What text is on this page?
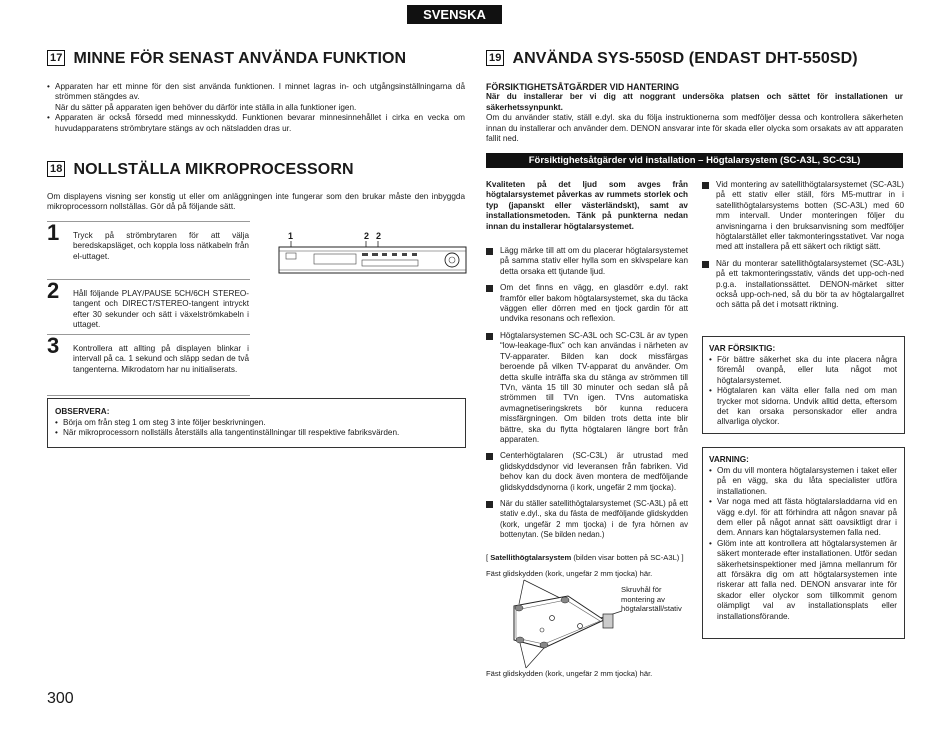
SVENSKA
17 MINNE FÖR SENAST ANVÄNDA FUNKTION
• Apparaten har ett minne för den sist använda funktionen. I minnet lagras in- och utgångsinställningarna då strömmen stängdes av.
När du sätter på apparaten igen behöver du därför inte ställa in alla funktioner igen.
• Apparaten är också försedd med minnesskydd. Funktionen bevarar minnesinnehållet i cirka en vecka om huvudapparatens strömbrytare stängs av och nätsladden dras ur.
18 NOLLSTÄLLA MIKROPROCESSORN
Om displayens visning ser konstig ut eller om anläggningen inte fungerar som den brukar måste den inbyggda mikroprocessorn nollställas. Gör då på följande sätt.
1 Tryck på strömbrytaren för att välja beredskapsläget, och koppla loss nätkabeln från el-uttaget.
2 Håll följande PLAY/PAUSE 5CH/6CH STEREO-tangent och DIRECT/STEREO-tangent intryckt efter 30 sekunder och sätt i växelströmkabeln i uttaget.
3 Kontrollera att allting på displayen blinkar i intervall på ca. 1 sekund och släpp sedan de två tangenterna. Mikrodatorn har nu initialiserats.
1	2 2
OBSERVERA:
• Börja om från steg 1 om steg 3 inte följer beskrivningen.
• När mikroprocessorn nollställs återställs alla tangentinställningar till respektive fabriksvärden.
19 ANVÄNDA SYS-550SD (ENDAST DHT-550SD)

FÖRSIKTIGHETSÅTGÄRDER VID HANTERING

När du installerar ber vi dig att noggrant undersöka platsen och sättet för installationen ur säkerhetssynpunkt.

Om du använder stativ, ställ e.dyl. ska du följa instruktionerna som medföljer dessa och kontrollera säkerheten innan du installerar och använder dem. DENON ansvarar inte för skada eller olycka som orsakats av att apparaten fallit ned.

Försiktighetsåtgärder vid installation – Högtalarsystem (SC-A3L, SC-C3L)

Kvaliteten på det ljud som avges från högtalarsystemet påverkas av rummets storlek och typ (japanskt eller västerländskt), samt av installationsmetoden. Tänk på punkterna nedan innan du installerar högtalarsystemet.

Lägg märke till att om du placerar högtalarsystemet på samma stativ eller hylla som en skivspelare kan detta orsaka ett tjutande ljud.
Om det finns en vägg, en glasdörr e.dyl. rakt framför eller bakom högtalarsystemet, ska du täcka väggen eller dörren med en tjock gardin för att undvika resonans och reflexion.
Högtalarsystemen SC-A3L och SC-C3L är av typen “low-leakage-flux” och kan användas i närheten av TV-apparater. Bilden kan dock missfärgas beroende på vilken TV-apparat du använder. Om detta skulle inträffa ska du stänga av strömmen till TVn, vänta 15 till 30 minuter och sedan slå på strömmen till TVn igen. TVns automatiska avmagnetiseringskrets bör kunna reducera missfärgningen. Om bilden trots detta inte blir bättre, ska du flytta högtalaren längre bort från apparaten.
Centerhögtalaren (SC-C3L) är utrustad med glidskyddsdynor vid leveransen från fabriken. Vid behov kan du dock även montera de medföljande glidskyddsdynorna (i kork, ungefär 2 mm tjocka).
När du ställer satellithögtalarsystemet (SC-A3L) på ett stativ e.dyl., ska du fästa de medföljande glidskydden (kork, ungefär 2 mm tjocka) i de fyra hörnen av bottenytan. (Se bilden nedan.)
[ Satellithögtalarsystem (bilden visar botten på SC-A3L) ]
Fäst glidskydden (kork, ungefär 2 mm tjocka) här.
Skruvhål för montering av högtalarställ/stativ
Fäst glidskydden (kork, ungefär 2 mm tjocka) här.
Vid montering av satellithögtalarsystemet (SC-A3L) på ett stativ eller ställ, förs M5-muttrar in i satellithögtalarsystems botten (SC-A3L) med 60 mm intervall. Under monteringen följer du anvisningarna i den bruksanvisning som medföljer högtalarstället eller takmonteringsstativet. Var noga med att installera på ett säkert och riktigt sätt.
När du monterar satellithögtalarsystemet (SC-A3L) på ett takmonteringsstativ, vänds det upp-och-ned p.g.a. installationssättet. DENON-märket sitter också upp-och-ned, så du bör ta av högtalargallret och sätta på det i motsatt riktning.
VAR FÖRSIKTIG:
• För bättre säkerhet ska du inte placera några föremål ovanpå, eller luta något mot högtalarsystemet.
• Högtalaren kan välta eller falla ned om man trycker mot sidorna. Undvik alltid detta, eftersom det kan orsaka personskador eller andra allvarliga olyckor.
VARNING:
• Om du vill montera högtalarsystemen i taket eller på en vägg, ska du låta specialister utföra installationen.
• Var noga med att fästa högtalarsladdarna vid en vägg e.dyl. för att förhindra att någon snavar på dem eller på något annat sätt oavsiktligt drar i dem. Annars kan högtalarsystemen falla ned.
• Glöm inte att kontrollera att högtalarsystemen är säkert monterade efter installationen. Utför sedan säkerhetsinspektioner med jämna mellanrum för att försäkra dig om att högtalarsystemen inte riskerar att falla ned. DENON ansvarar inte för skador eller olyckor som tillkommit genom olämpligt val av installationsplats eller installationsförande.
300
